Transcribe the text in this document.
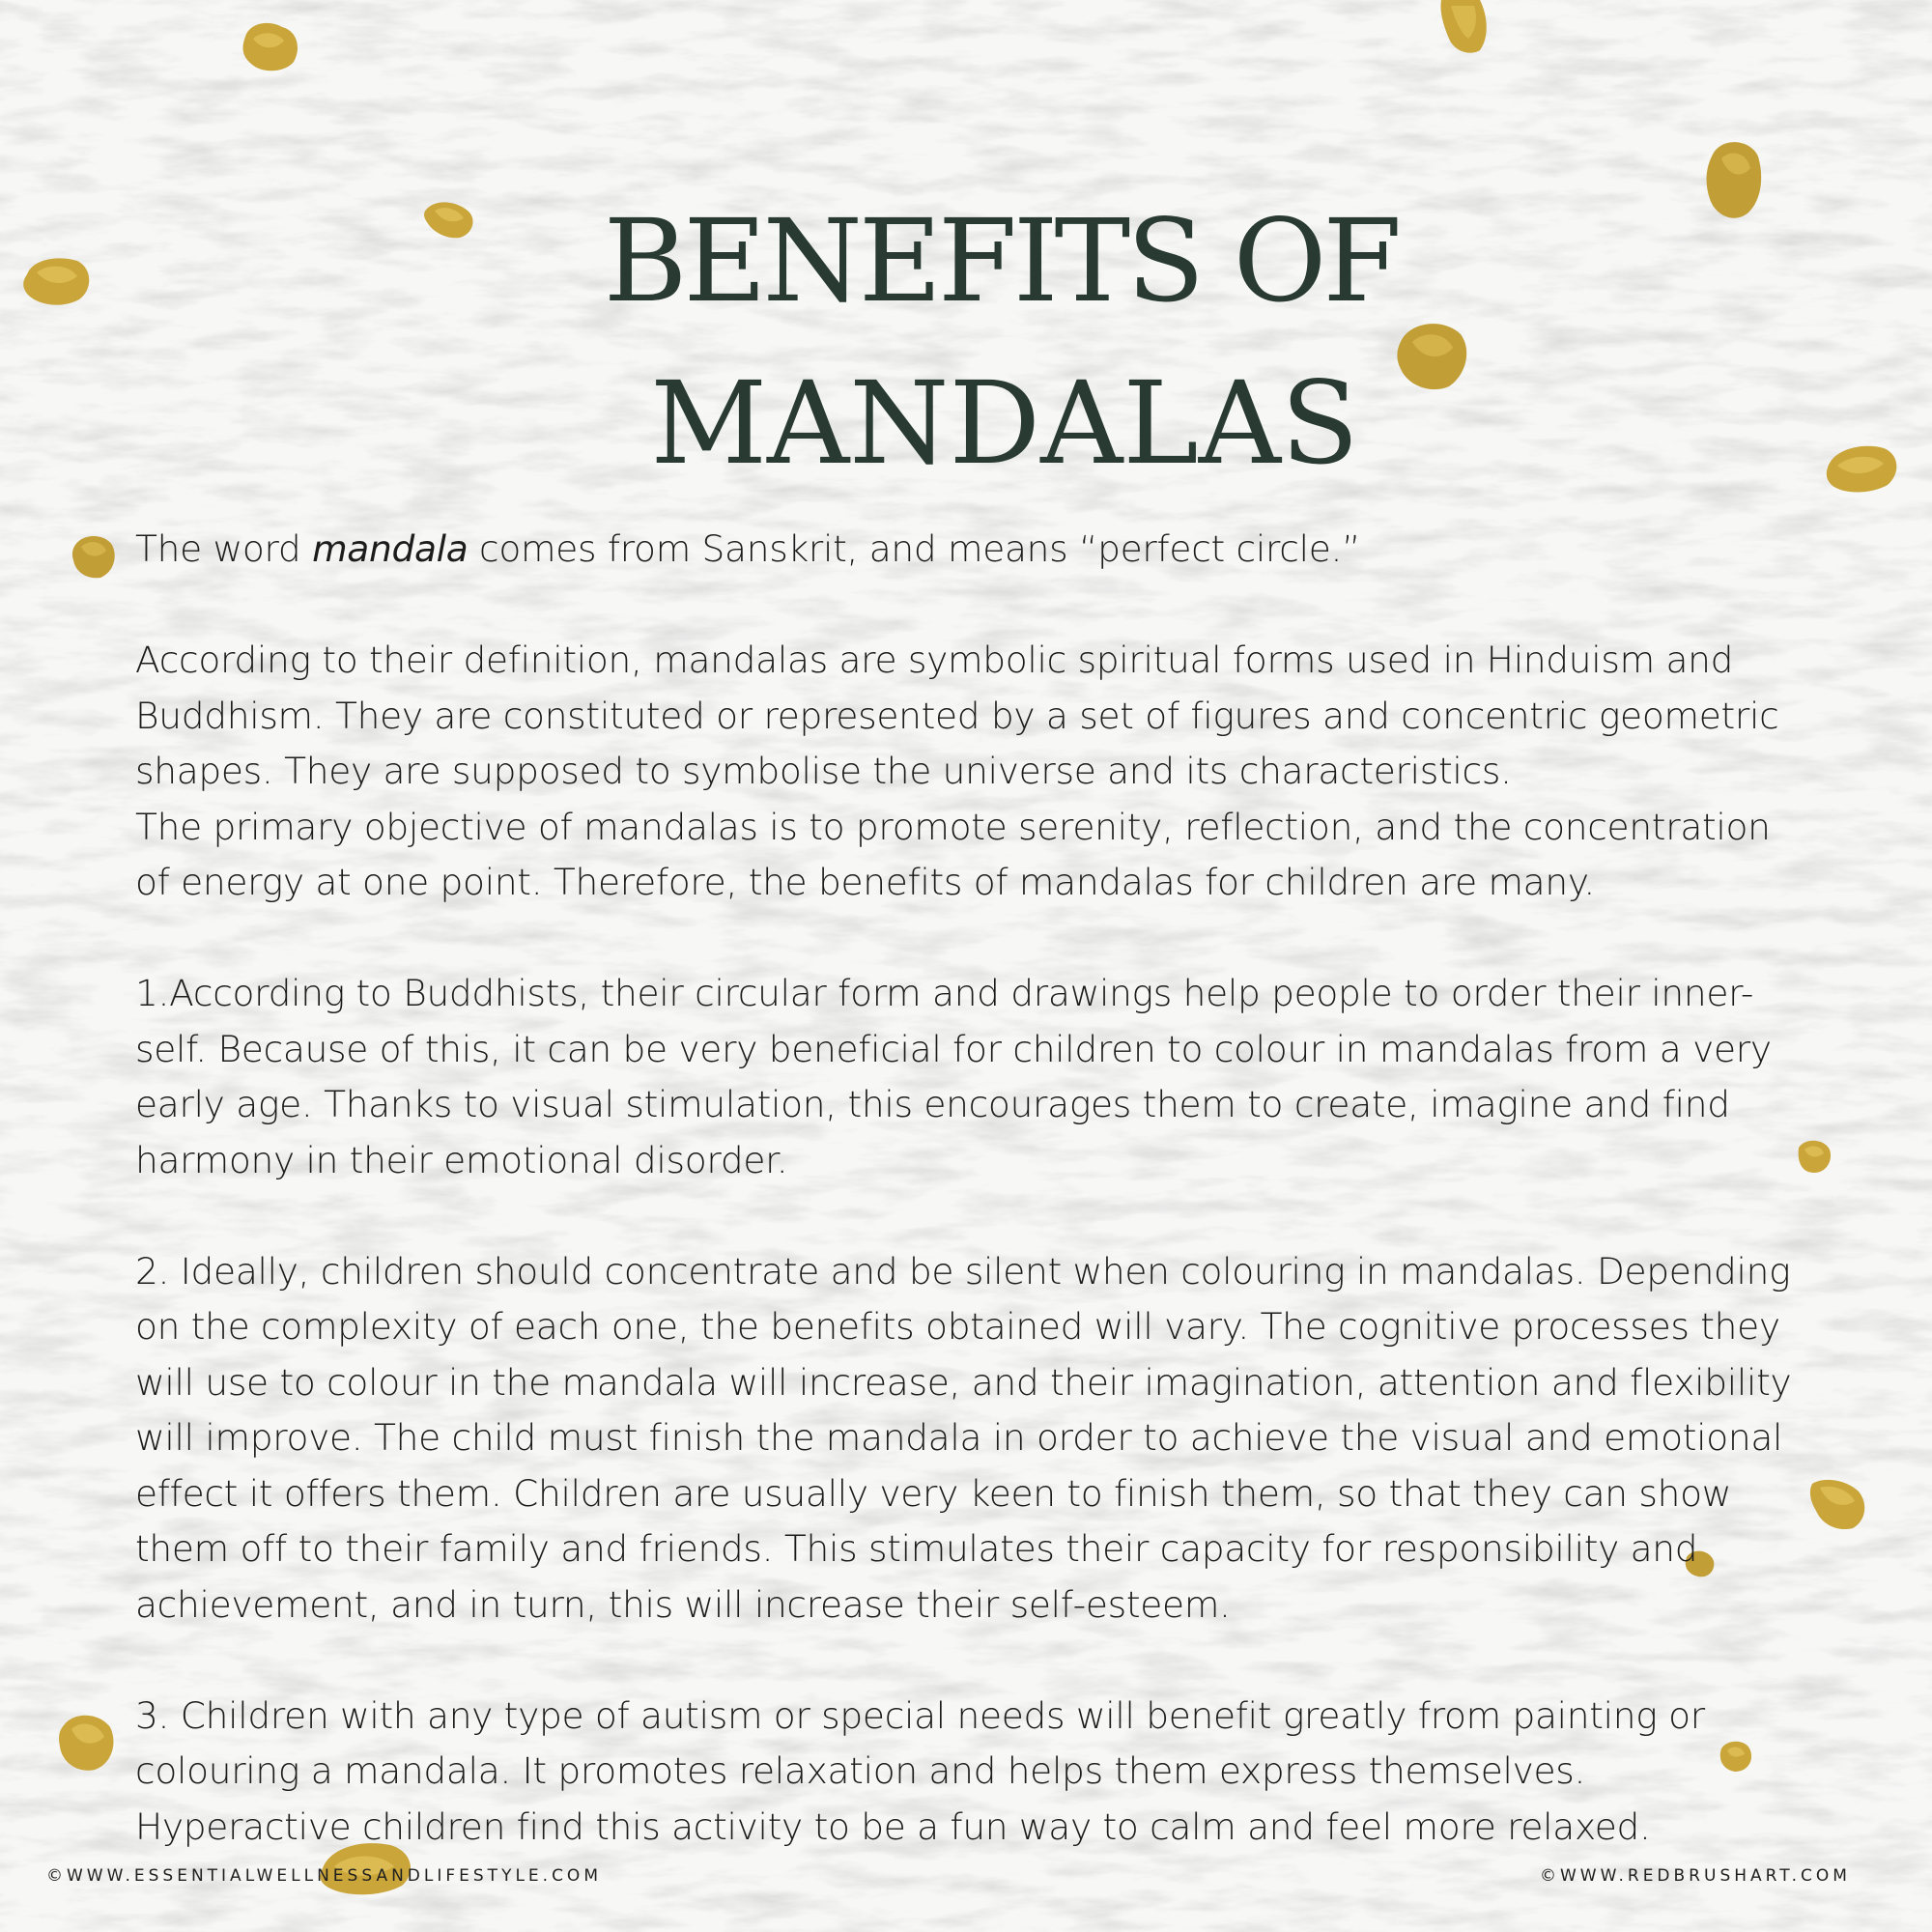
BENEFITS OF
MANDALAS

The word mandala comes from Sanskrit, and means “perfect circle.”

According to their definition, mandalas are symbolic spiritual forms used in Hinduism and

Buddhism. They are constituted or represented by a set of figures and concentric geometric

shapes. They are supposed to symbolise the universe and its characteristics.

The primary objective of mandalas is to promote serenity, reflection, and the concentration

of energy at one point. Therefore, the benefits of mandalas for children are many.

1.According to Buddhists, their circular form and drawings help people to order their inner-

self. Because of this, it can be very beneficial for children to colour in mandalas from a very

early age. Thanks to visual stimulation, this encourages them to create, imagine and find

harmony in their emotional disorder.

2. Ideally, children should concentrate and be silent when colouring in mandalas. Depending

on the complexity of each one, the benefits obtained will vary. The cognitive processes they

will use to colour in the mandala will increase, and their imagination, attention and flexibility

will improve. The child must finish the mandala in order to achieve the visual and emotional

effect it offers them. Children are usually very keen to finish them, so that they can show

them off to their family and friends. This stimulates their capacity for responsibility and

achievement, and in turn, this will increase their self-esteem.

3. Children with any type of autism or special needs will benefit greatly from painting or

colouring a mandala. It promotes relaxation and helps them express themselves.

Hyperactive children find this activity to be a fun way to calm and feel more relaxed.

©WWW.ESSENTIALWELLNESSANDLIFESTYLE.COM	©WWW.REDBRUSHART.COM
